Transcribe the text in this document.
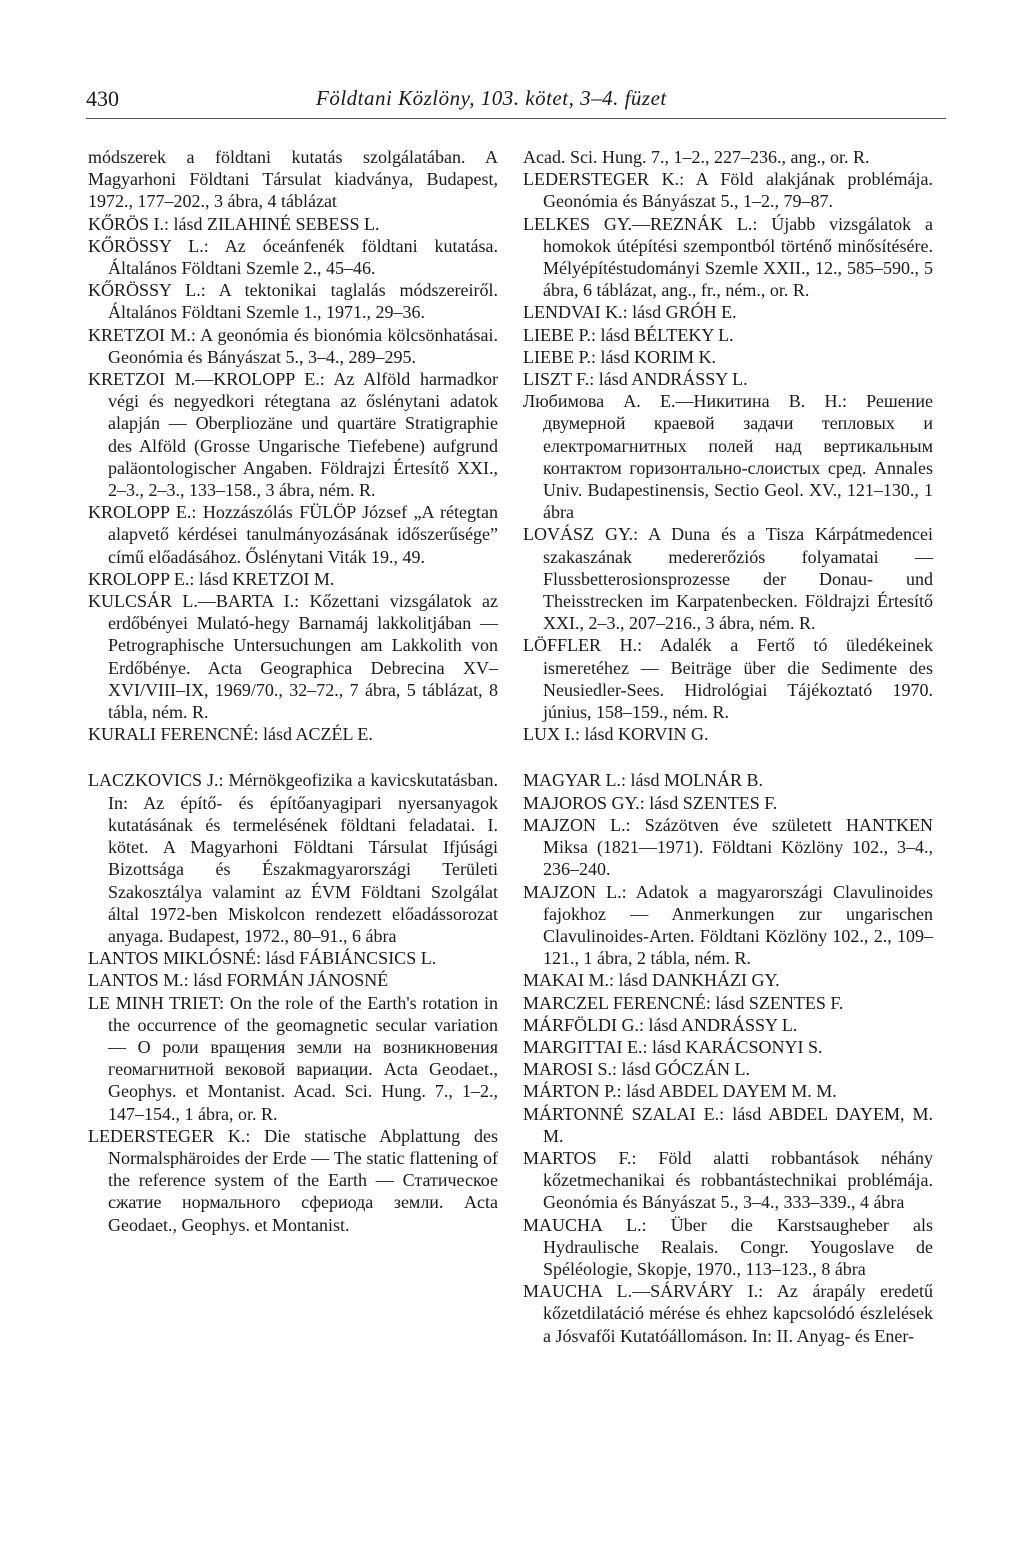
430	Földtani Közlöny, 103. kötet, 3–4. füzet

módszerek a földtani kutatás szolgálatában. A Magyarhoni Földtani Társulat kiadványa, Budapest, 1972., 177–202., 3 ábra, 4 táblázat

KŐRÖS I.: lásd ZILAHINÉ SEBESS L.

KŐRÖSSY L.: Az óceánfenék földtani kutatása. Általános Földtani Szemle 2., 45–46.

KŐRÖSSY L.: A tektonikai taglalás módszereiről. Általános Földtani Szemle 1., 1971., 29–36.

KRETZOI M.: A geonómia és bionómia kölcsönhatásai. Geonómia és Bányászat 5., 3–4., 289–295.

KRETZOI M.—KROLOPP E.: Az Alföld harmadkor végi és negyedkori rétegtana az őslénytani adatok alapján — Oberpliozäne und quartäre Stratigraphie des Alföld (Grosse Ungarische Tiefebene) aufgrund paläontologischer Angaben. Földrajzi Értesítő XXI., 2–3., 2–3., 133–158., 3 ábra, ném. R.

KROLOPP E.: Hozzászólás FÜLÖP József „A rétegtan alapvető kérdései tanulmányozásának időszerűsége” című előadásához. Őslénytani Viták 19., 49.

KROLOPP E.: lásd KRETZOI M.

KULCSÁR L.—BARTA I.: Kőzettani vizsgálatok az erdőbényei Mulató-hegy Barnamáj lakkolitjában — Petrographische Untersuchungen am Lakkolith von Erdőbénye. Acta Geographica Debrecina XV–XVI/VIII–IX, 1969/70., 32–72., 7 ábra, 5 táblázat, 8 tábla, ném. R.

KURALI FERENCNÉ: lásd ACZÉL E.

LACZKOVICS J.: Mérnökgeofizika a kavicskutatásban. In: Az építő- és építőanyagipari nyersanyagok kutatásának és termelésének földtani feladatai. I. kötet. A Magyarhoni Földtani Társulat Ifjúsági Bizottsága és Északmagyarországi Területi Szakosztálya valamint az ÉVM Földtani Szolgálat által 1972-ben Miskolcon rendezett előadássorozat anyaga. Budapest, 1972., 80–91., 6 ábra

LANTOS MIKLÓSNÉ: lásd FÁBIÁNCSICS L.

LANTOS M.: lásd FORMÁN JÁNOSNÉ

LE MINH TRIET: On the role of the Earth's rotation in the occurrence of the geomagnetic secular variation — О роли вращения земли на возникновения геомагнитной вековой вариации. Acta Geodaet., Geophys. et Montanist. Acad. Sci. Hung. 7., 1–2., 147–154., 1 ábra, or. R.

LEDERSTEGER K.: Die statische Abplattung des Normalsphäroides der Erde — The static flattening of the reference system of the Earth — Статическое сжатие нормального сфериода земли. Acta Geodaet., Geophys. et Montanist.

Acad. Sci. Hung. 7., 1–2., 227–236., ang., or. R.

LEDERSTEGER K.: A Föld alakjának problémája. Geonómia és Bányászat 5., 1–2., 79–87.

LELKES GY.—REZNÁK L.: Újabb vizsgálatok a homokok útépítési szempontból történő minősítésére. Mélyépítéstudományi Szemle XXII., 12., 585–590., 5 ábra, 6 táblázat, ang., fr., ném., or. R.

LENDVAI K.: lásd GRÓH E.

LIEBE P.: lásd BÉLTEKY L.

LIEBE P.: lásd KORIM K.

LISZT F.: lásd ANDRÁSSY L.

Любимова А. Е.—Никитина В. Н.: Решение двумерной краевой задачи тепловых и електромагнитных полей над вертикальным контактом горизонтально-слоистых сред. Annales Univ. Budapestinensis, Sectio Geol. XV., 121–130., 1 ábra

LOVÁSZ GY.: A Duna és a Tisza Kárpátmedencei szakaszának medererőziós folyamatai — Flussbetterosionsprozesse der Donau- und Theisstrecken im Karpatenbecken. Földrajzi Értesítő XXI., 2–3., 207–216., 3 ábra, ném. R.

LÖFFLER H.: Adalék a Fertő tó üledékeinek ismeretéhez — Beiträge über die Sedimente des Neusiedler-Sees. Hidrológiai Tájékoztató 1970. június, 158–159., ném. R.

LUX I.: lásd KORVIN G.

MAGYAR L.: lásd MOLNÁR B.

MAJOROS GY.: lásd SZENTES F.

MAJZON L.: Százötven éve született HANTKEN Miksa (1821—1971). Földtani Közlöny 102., 3–4., 236–240.

MAJZON L.: Adatok a magyarországi Clavulinoides fajokhoz — Anmerkungen zur ungarischen Clavulinoides-Arten. Földtani Közlöny 102., 2., 109–121., 1 ábra, 2 tábla, ném. R.

MAKAI M.: lásd DANKHÁZI GY.

MARCZEL FERENCNÉ: lásd SZENTES F.

MÁRFÖLDI G.: lásd ANDRÁSSY L.

MARGITTAI E.: lásd KARÁCSONYI S.

MAROSI S.: lásd GÓCZÁN L.

MÁRTON P.: lásd ABDEL DAYEM M. M.

MÁRTONNÉ SZALAI E.: lásd ABDEL DAYEM, M. M.

MARTOS F.: Föld alatti robbantások néhány kőzetmechanikai és robbantástechnikai problémája. Geonómia és Bányászat 5., 3–4., 333–339., 4 ábra

MAUCHA L.: Über die Karstsaugheber als Hydraulische Realais. Congr. Yougoslave de Spéléologie, Skopje, 1970., 113–123., 8 ábra

MAUCHA L.—SÁRVÁRY I.: Az árapály eredetű kőzetdilatáció mérése és ehhez kapcsolódó észlelések a Jósvafői Kutatóállomáson. In: II. Anyag- és Ener-
